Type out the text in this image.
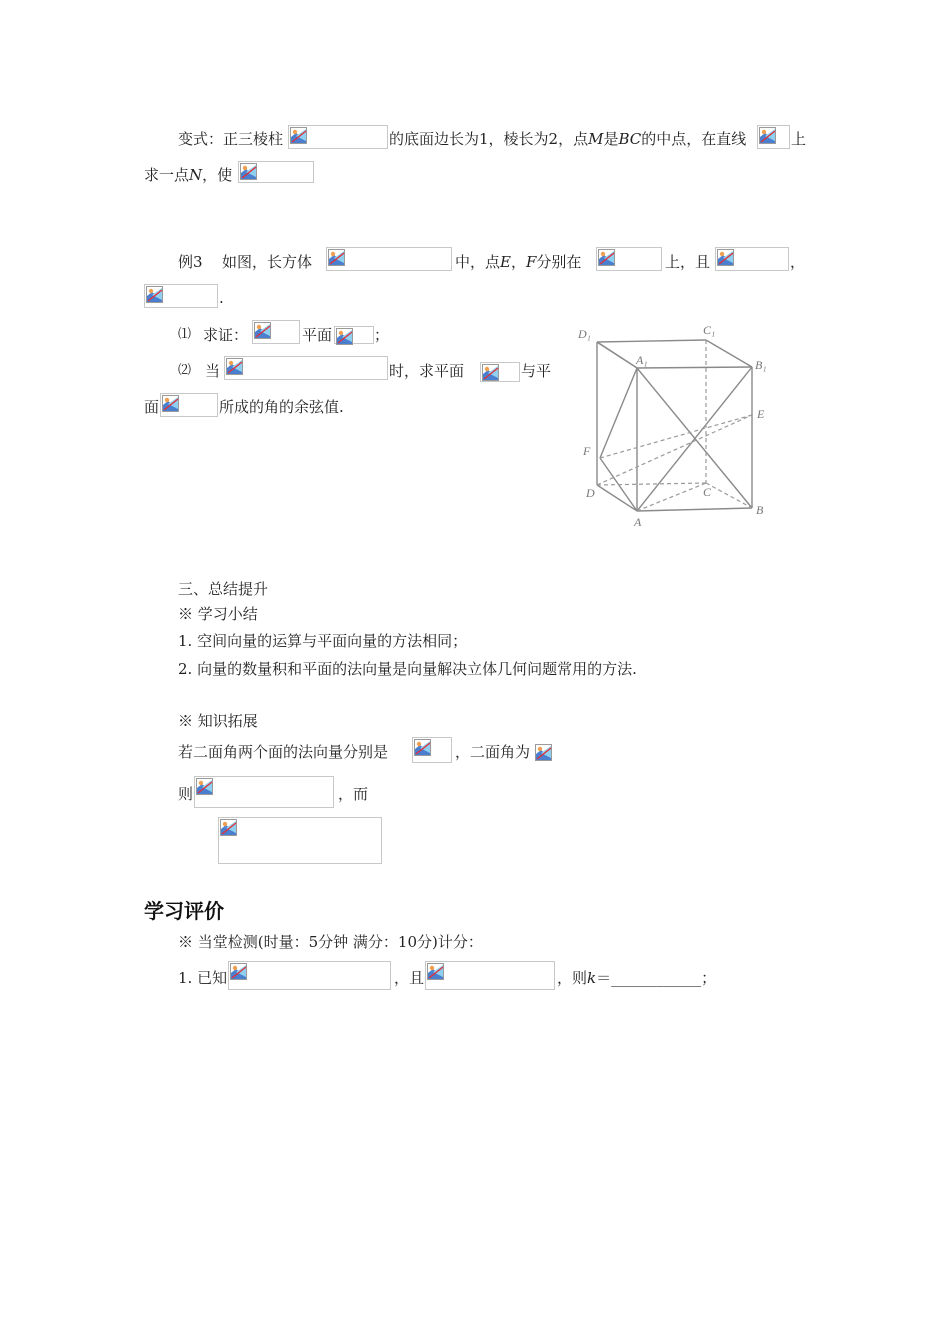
变式：正三棱柱	的底面边长为1，棱长为2，点M是BC的中点，在直线	上
求一点N，使
例3 如图，长方体	中，点E，F分别在	上，且	，
.
⑴ 求证：	平面	；
⑵ 当	时，求平面	与平
面	所成的角的余弦值.
D₁	C₁
A₁	B₁
E
F
D	C
A
B
三、总结提升
※ 学习小结
1. 空间向量的运算与平面向量的方法相同；
2. 向量的数量积和平面的法向量是向量解决立体几何问题常用的方法.
※ 知识拓展
若二面角两个面的法向量分别是	，二面角为
则	，而
学习评价
※ 当堂检测(时量：5分钟 满分：10分)计分：
1. 已知	，且	，则k＝____________；
